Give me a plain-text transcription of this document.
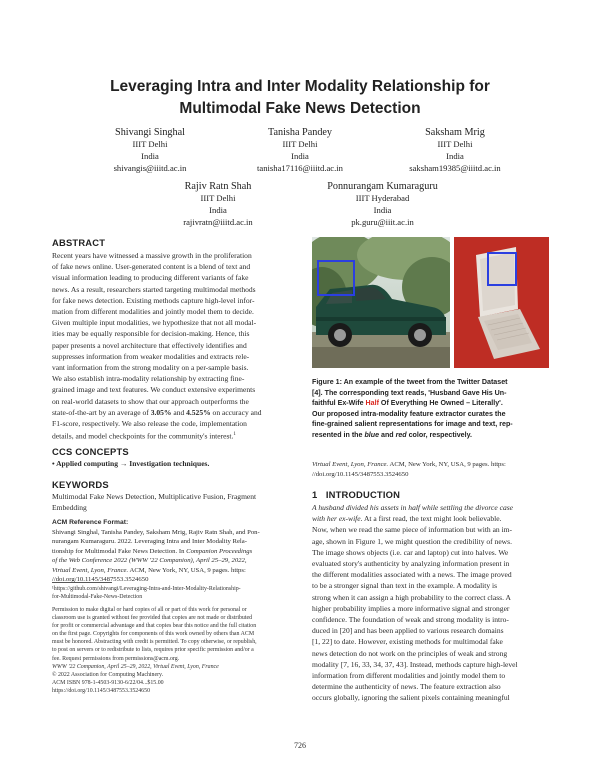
Leveraging Intra and Inter Modality Relationship for
Multimodal Fake News Detection
Shivangi Singhal
IIIT Delhi
India
shivangis@iiitd.ac.in
Tanisha Pandey
IIIT Delhi
India
tanisha17116@iiitd.ac.in
Saksham Mrig
IIIT Delhi
India
saksham19385@iiitd.ac.in
Rajiv Ratn Shah
IIIT Delhi
India
rajivratn@iiitd.ac.in
Ponnurangam Kumaraguru
IIIT Hyderabad
India
pk.guru@iiit.ac.in
ABSTRACT
Recent years have witnessed a massive growth in the proliferation
of fake news online. User-generated content is a blend of text and
visual information leading to producing different variants of fake
news. As a result, researchers started targeting multimodal methods
for fake news detection. Existing methods capture high-level infor-
mation from different modalities and jointly model them to decide.
Given multiple input modalities, we hypothesize that not all modal-
ities may be equally responsible for decision-making. Hence, this
paper presents a novel architecture that effectively identifies and
suppresses information from weaker modalities and extracts rele-
vant information from the strong modality on a per-sample basis.
We also establish intra-modality relationship by extracting fine-
grained image and text features. We conduct extensive experiments
on real-world datasets to show that our approach outperforms the
state-of-the-art by an average of 3.05% and 4.525% on accuracy and
F1-score, respectively. We also release the code, implementation
details, and model checkpoints for the community's interest.$^1$
CCS CONCEPTS
• Applied computing → Investigation techniques.
KEYWORDS
Multimodal Fake News Detection, Multiplicative Fusion, Fragment
Embedding
ACM Reference Format:
Shivangi Singhal, Tanisha Pandey, Saksham Mrig, Rajiv Ratn Shah, and Pon-
nurangam Kumaraguru. 2022. Leveraging Intra and Inter Modality Rela-
tionship for Multimodal Fake News Detection. In Companion Proceedings
of the Web Conference 2022 (WWW '22 Companion), April 25–29, 2022,
Virtual Event, Lyon, France. ACM, New York, NY, USA, 9 pages. https:
//doi.org/10.1145/3487553.3524650
¹https://github.com/shivangi/Leveraging-Intra-and-Inter-Modality-Relationship-
for-Multimodal-Fake-News-Detection
Permission to make digital or hard copies of all or part of this work for personal or
classroom use is granted without fee provided that copies are not made or distributed
for profit or commercial advantage and that copies bear this notice and the full citation
on the first page. Copyrights for components of this work owned by others than ACM
must be honored. Abstracting with credit is permitted. To copy otherwise, or republish,
to post on servers or to redistribute to lists, requires prior specific permission and/or a
fee. Request permissions from permissions@acm.org.
WWW '22 Companion, April 25–29, 2022, Virtual Event, Lyon, France
© 2022 Association for Computing Machinery.
ACM ISBN 978-1-4503-9130-6/22/04...$15.00
https://doi.org/10.1145/3487553.3524650
Figure 1: An example of the tweet from the Twitter Dataset
[4]. The corresponding text reads, 'Husband Gave His Un-
faithful Ex-Wife Half Of Everything He Owned – Literally'.
Our proposed intra-modality feature extractor curates the
fine-grained salient representations for image and text, rep-
resented in the blue and red color, respectively.
Virtual Event, Lyon, France. ACM, New York, NY, USA, 9 pages. https:
//doi.org/10.1145/3487553.3524650
1 INTRODUCTION
A husband divided his assets in half while settling the divorce case
with her ex-wife. At a first read, the text might look believable.
Now, when we read the same piece of information but with an im-
age, shown in Figure 1, we might question the credibility of news.
The image shows objects (i.e. car and laptop) cut into halves. We
evaluated story's authenticity by analyzing information present in
the different modalities associated with a news. The image proved
to be a stronger signal than text in the example. A modality is
strong when it can assign a high probability to the correct class. A
higher probability implies a more informative signal and stronger
confidence. The foundation of weak and strong modality is intro-
duced in [20] and has been applied to various research domains
[1, 22] to date. However, existing methods for multimodal fake
news detection do not work on the principles of weak and strong
modality [7, 16, 33, 34, 37, 43]. Instead, methods capture high-level
information from different modalities and jointly model them to
determine the authenticity of news. The feature extraction also
occurs globally, ignoring the salient pixels containing meaningful
726
